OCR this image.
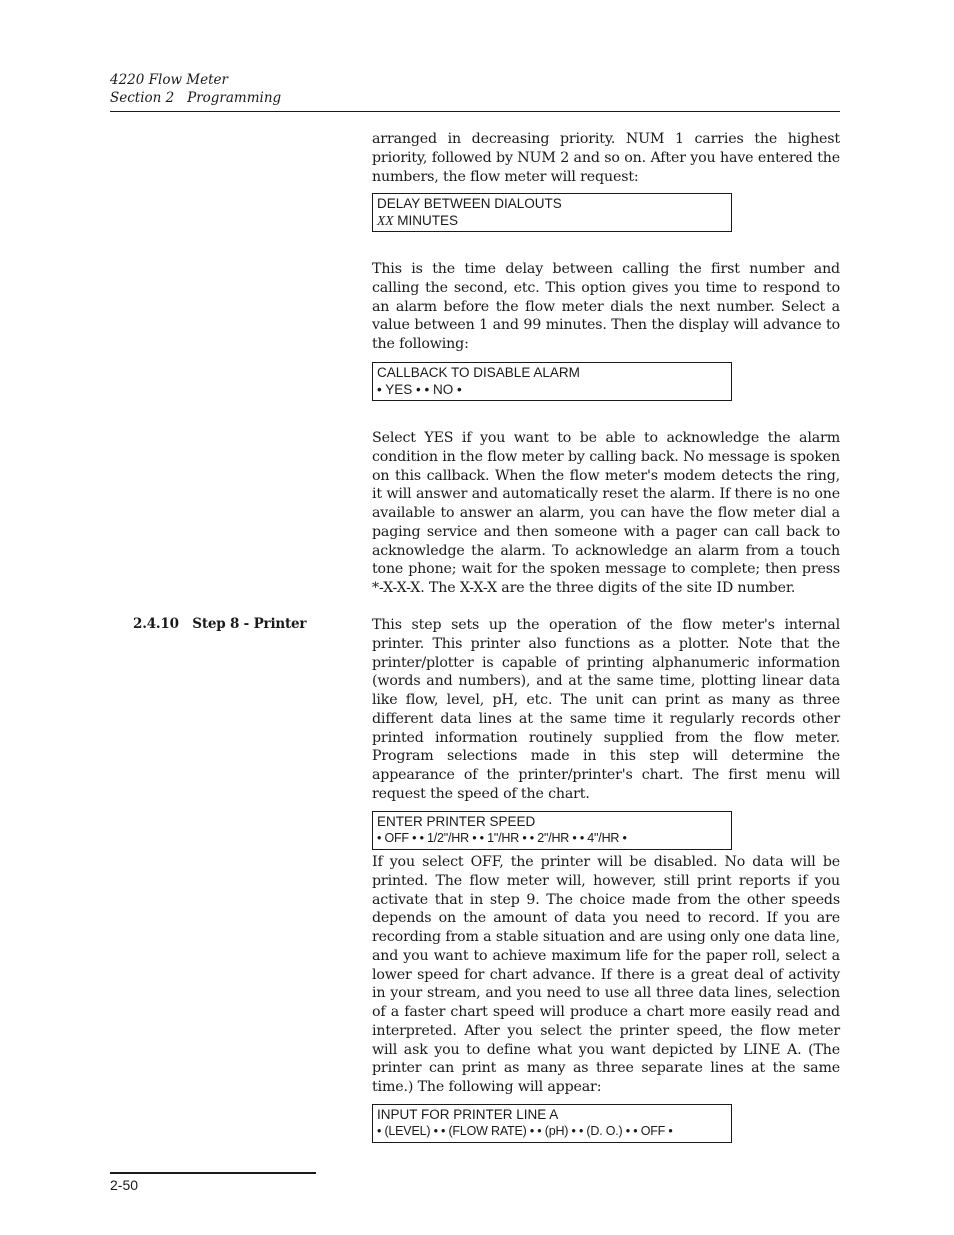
4220 Flow Meter
Section 2   Programming

arranged in decreasing priority. NUM 1 carries the highest priority, followed by NUM 2 and so on. After you have entered the numbers, the flow meter will request:

DELAY BETWEEN DIALOUTS
XX MINUTES

This is the time delay between calling the first number and calling the second, etc. This option gives you time to respond to an alarm before the flow meter dials the next number. Select a value between 1 and 99 minutes. Then the display will advance to the following:

CALLBACK TO DISABLE ALARM
• YES • • NO •

Select YES if you want to be able to acknowledge the alarm condition in the flow meter by calling back. No message is spoken on this callback. When the flow meter's modem detects the ring, it will answer and automatically reset the alarm. If there is no one available to answer an alarm, you can have the flow meter dial a paging service and then someone with a pager can call back to acknowledge the alarm. To acknowledge an alarm from a touch tone phone; wait for the spoken message to complete; then press *-X-X-X. The X-X-X are the three digits of the site ID number.

2.4.10   Step 8 - Printer	This step sets up the operation of the flow meter's internal printer. This printer also functions as a plotter. Note that the printer/plotter is capable of printing alphanumeric information (words and numbers), and at the same time, plotting linear data like flow, level, pH, etc. The unit can print as many as three different data lines at the same time it regularly records other printed information routinely supplied from the flow meter. Program selections made in this step will determine the appearance of the printer/printer's chart. The first menu will request the speed of the chart.

ENTER PRINTER SPEED
• OFF • • 1/2"/HR • • 1"/HR • • 2"/HR • • 4"/HR •

If you select OFF, the printer will be disabled. No data will be printed. The flow meter will, however, still print reports if you activate that in step 9. The choice made from the other speeds depends on the amount of data you need to record. If you are recording from a stable situation and are using only one data line, and you want to achieve maximum life for the paper roll, select a lower speed for chart advance. If there is a great deal of activity in your stream, and you need to use all three data lines, selection of a faster chart speed will produce a chart more easily read and interpreted. After you select the printer speed, the flow meter will ask you to define what you want depicted by LINE A. (The printer can print as many as three separate lines at the same time.) The following will appear:

INPUT FOR PRINTER LINE A
• (LEVEL) • • (FLOW RATE) • • (pH) • • (D. O.) • • OFF •
2-50
